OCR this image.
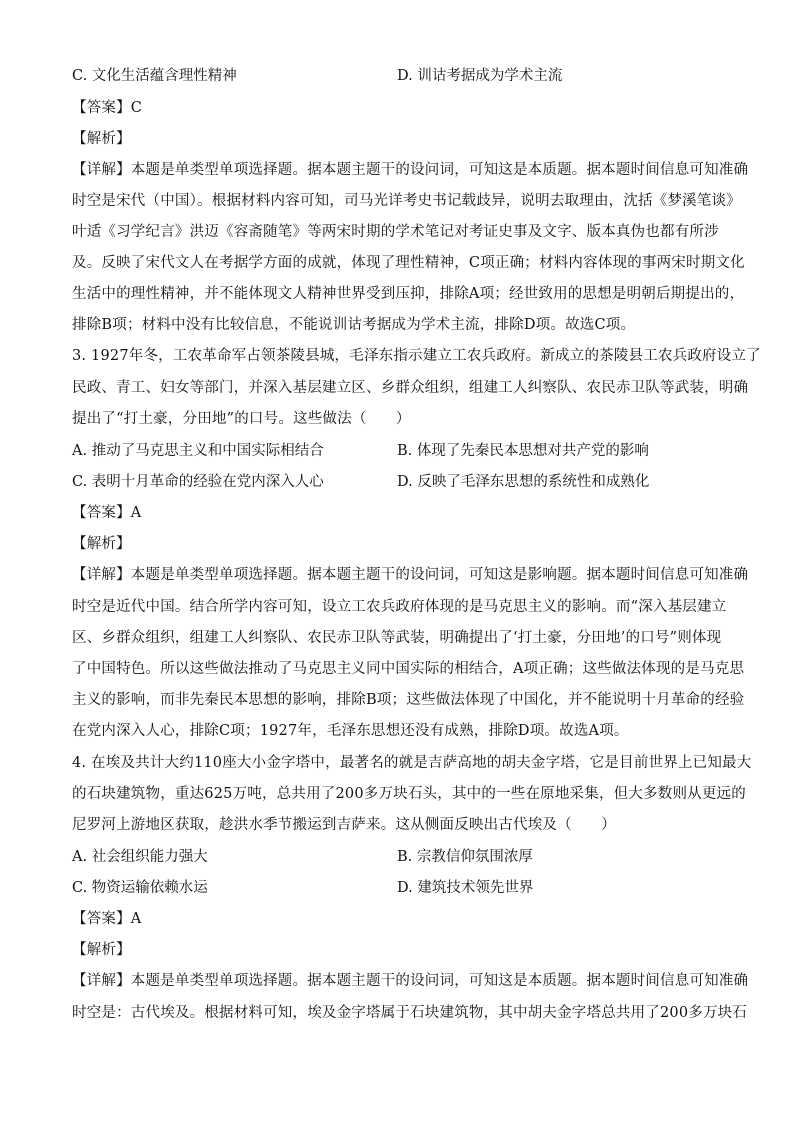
C. 文化生活蕴含理性精神	D. 训诂考据成为学术主流
【答案】C
【解析】
【详解】本题是单类型单项选择题。据本题主题干的设问词，可知这是本质题。据本题时间信息可知准确
时空是宋代（中国）。根据材料内容可知，司马光详考史书记载歧异，说明去取理由，沈括《梦溪笔谈》
叶适《习学纪言》洪迈《容斋随笔》等两宋时期的学术笔记对考证史事及文字、版本真伪也都有所涉
及。反映了宋代文人在考据学方面的成就，体现了理性精神，C项正确；材料内容体现的事两宋时期文化
生活中的理性精神，并不能体现文人精神世界受到压抑，排除A项；经世致用的思想是明朝后期提出的，
排除B项；材料中没有比较信息，不能说训诂考据成为学术主流，排除D项。故选C项。
3. 1927年冬，工农革命军占领茶陵县城，毛泽东指示建立工农兵政府。新成立的茶陵县工农兵政府设立了
民政、青工、妇女等部门，并深入基层建立区、乡群众组织，组建工人纠察队、农民赤卫队等武装，明确
提出了“打土豪，分田地”的口号。这些做法（　　）
A. 推动了马克思主义和中国实际相结合	B. 体现了先秦民本思想对共产党的影响
C. 表明十月革命的经验在党内深入人心	D. 反映了毛泽东思想的系统性和成熟化
【答案】A
【解析】
【详解】本题是单类型单项选择题。据本题主题干的设问词，可知这是影响题。据本题时间信息可知准确
时空是近代中国。结合所学内容可知，设立工农兵政府体现的是马克思主义的影响。而“深入基层建立
区、乡群众组织，组建工人纠察队、农民赤卫队等武装，明确提出了‘打土豪，分田地’的口号”则体现
了中国特色。所以这些做法推动了马克思主义同中国实际的相结合，A项正确；这些做法体现的是马克思
主义的影响，而非先秦民本思想的影响，排除B项；这些做法体现了中国化，并不能说明十月革命的经验
在党内深入人心，排除C项；1927年，毛泽东思想还没有成熟，排除D项。故选A项。
4. 在埃及共计大约110座大小金字塔中，最著名的就是吉萨高地的胡夫金字塔，它是目前世界上已知最大
的石块建筑物，重达625万吨，总共用了200多万块石头，其中的一些在原地采集，但大多数则从更远的
尼罗河上游地区获取，趁洪水季节搬运到吉萨来。这从侧面反映出古代埃及（　　）
A. 社会组织能力强大	B. 宗教信仰氛围浓厚
C. 物资运输依赖水运	D. 建筑技术领先世界
【答案】A
【解析】
【详解】本题是单类型单项选择题。据本题主题干的设问词，可知这是本质题。据本题时间信息可知准确
时空是：古代埃及。根据材料可知，埃及金字塔属于石块建筑物，其中胡夫金字塔总共用了200多万块石
